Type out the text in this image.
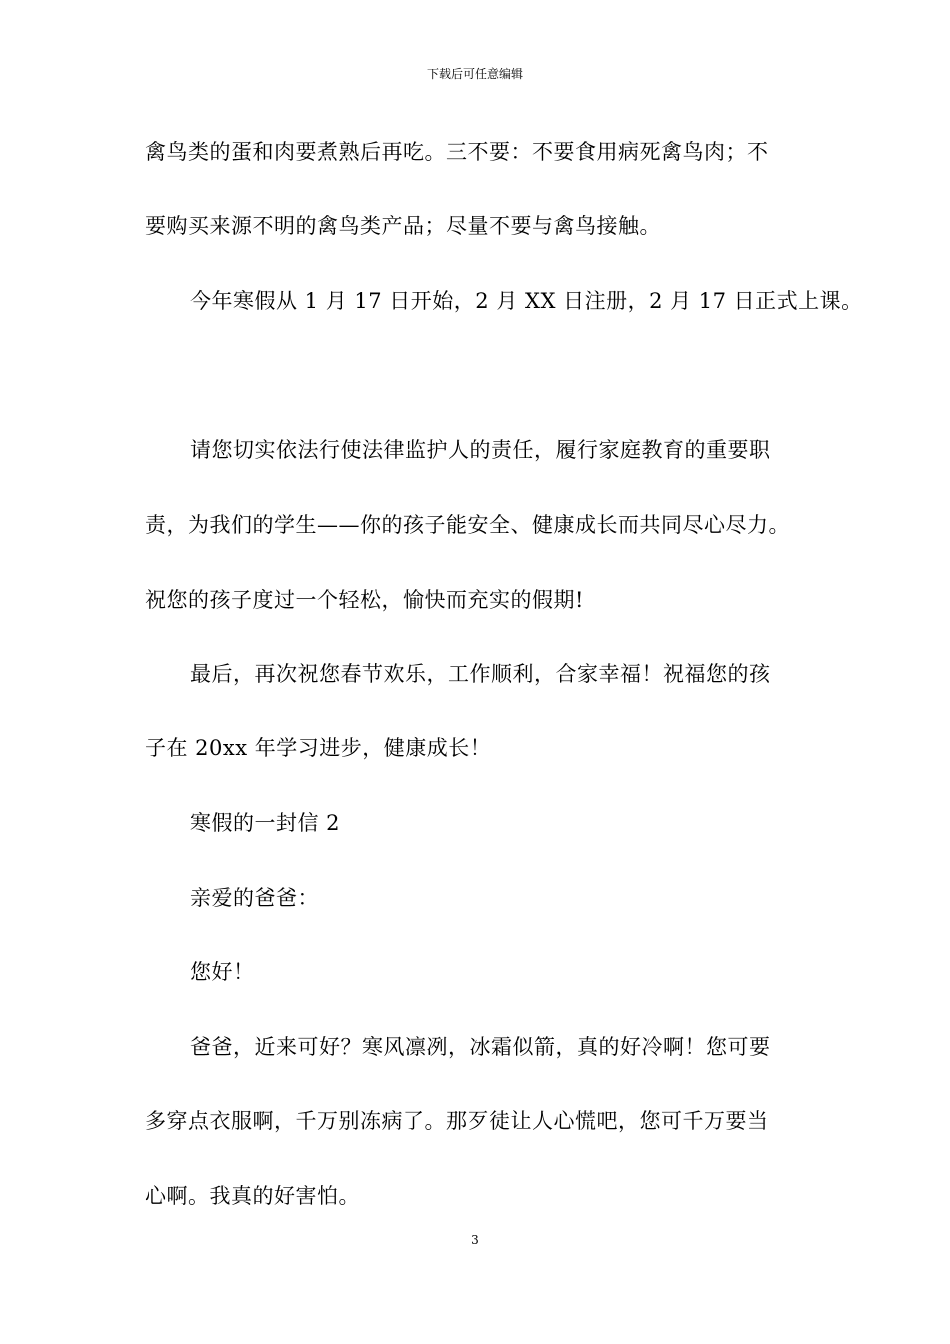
下载后可任意编辑
禽鸟类的蛋和肉要煮熟后再吃。三不要：不要食用病死禽鸟肉；不
要购买来源不明的禽鸟类产品；尽量不要与禽鸟接触。
今年寒假从 1 月 17 日开始，2 月 XX 日注册，2 月 17 日正式上课。
请您切实依法行使法律监护人的责任，履行家庭教育的重要职
责，为我们的学生——你的孩子能安全、健康成长而共同尽心尽力。
祝您的孩子度过一个轻松，愉快而充实的假期!
最后，再次祝您春节欢乐，工作顺利，合家幸福！祝福您的孩
子在 20xx 年学习进步，健康成长！
寒假的一封信 2
亲爱的爸爸：
您好！
爸爸，近来可好？寒风凛冽，冰霜似箭，真的好冷啊！您可要
多穿点衣服啊，千万别冻病了。那歹徒让人心慌吧，您可千万要当
心啊。我真的好害怕。
3
